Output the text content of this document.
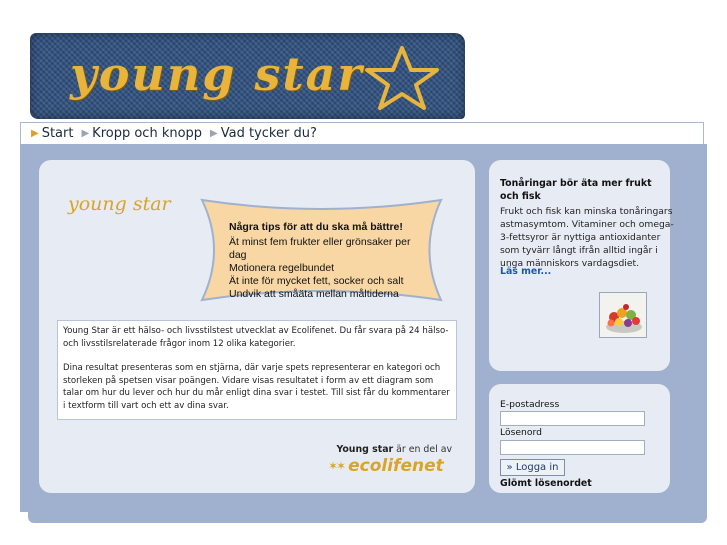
young star
▶ Start ▶ Kropp och knopp ▶ Vad tycker du?
young star
Några tips för att du ska må bättre!
Ät minst fem frukter eller grönsaker per dag
Motionera regelbundet
Ät inte för mycket fett, socker och salt
Undvik att småäta mellan måltiderna

Young Star är ett hälso- och livsstilstest utvecklat av Ecolifenet. Du får svara på 24 hälso- och livsstilsrelaterade frågor inom 12 olika kategorier.

Dina resultat presenteras som en stjärna, där varje spets representerar en kategori och storleken på spetsen visar poängen. Vidare visas resultatet i form av ett diagram som talar om hur du lever och hur du mår enligt dina svar i testet. Till sist får du kommentarer i textform till vart och ett av dina svar.

Young star är en del av
✶✶ ecolifenet
Tonåringar bör äta mer frukt och fisk
Frukt och fisk kan minska tonåringars astmasymtom. Vitaminer och omega-3-fettsyror är nyttiga antioxidanter som tyvärr långt ifrån alltid ingår i unga människors vardagsdiet.
Läs mer...
E-postadress
Lösenord
» Logga in
Glömt lösenordet
